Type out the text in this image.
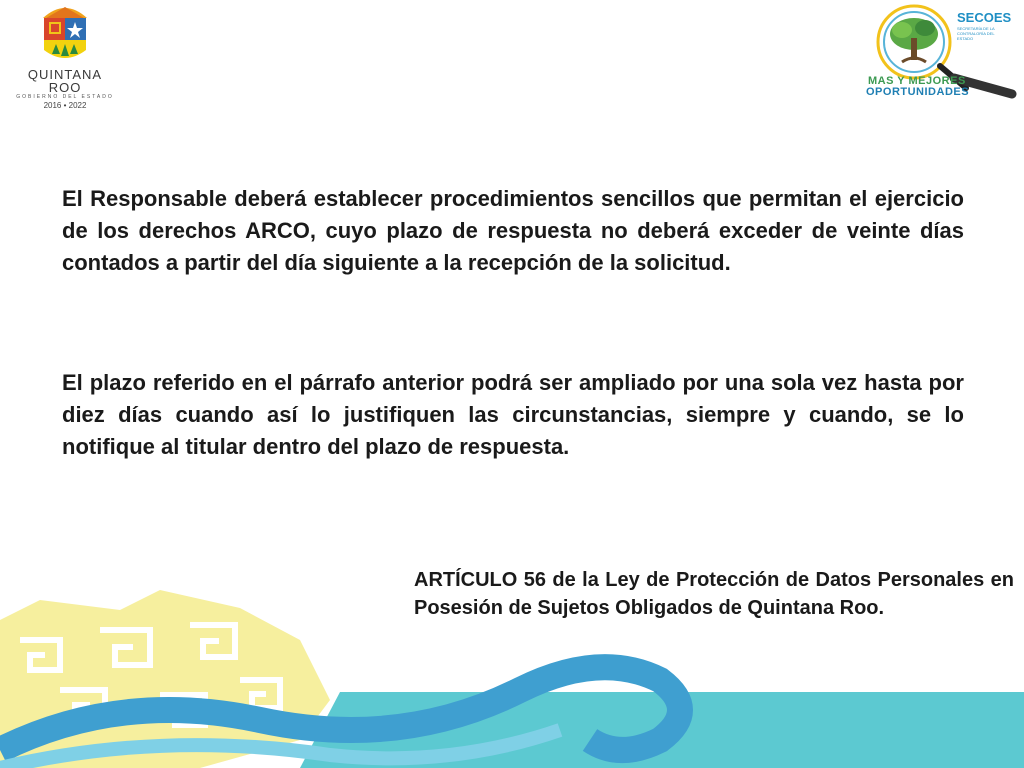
QUINTANA ROO
GOBIERNO DEL ESTADO
2016 • 2022
SECOES
SECRETARÍA DE LA CONTRALORÍA DEL ESTADO
MAS Y MEJORES
OPORTUNIDADES
El Responsable deberá establecer procedimientos sencillos que permitan el ejercicio de los derechos ARCO, cuyo plazo de respuesta no deberá exceder de veinte días contados a partir del día siguiente a la recepción de la solicitud.
El plazo referido en el párrafo anterior podrá ser ampliado por una sola vez hasta por diez días cuando así lo justifiquen las circunstancias, siempre y cuando, se lo notifique al titular dentro del plazo de respuesta.
ARTÍCULO 56 de la Ley de Protección de Datos Personales en Posesión de Sujetos Obligados de Quintana Roo.
